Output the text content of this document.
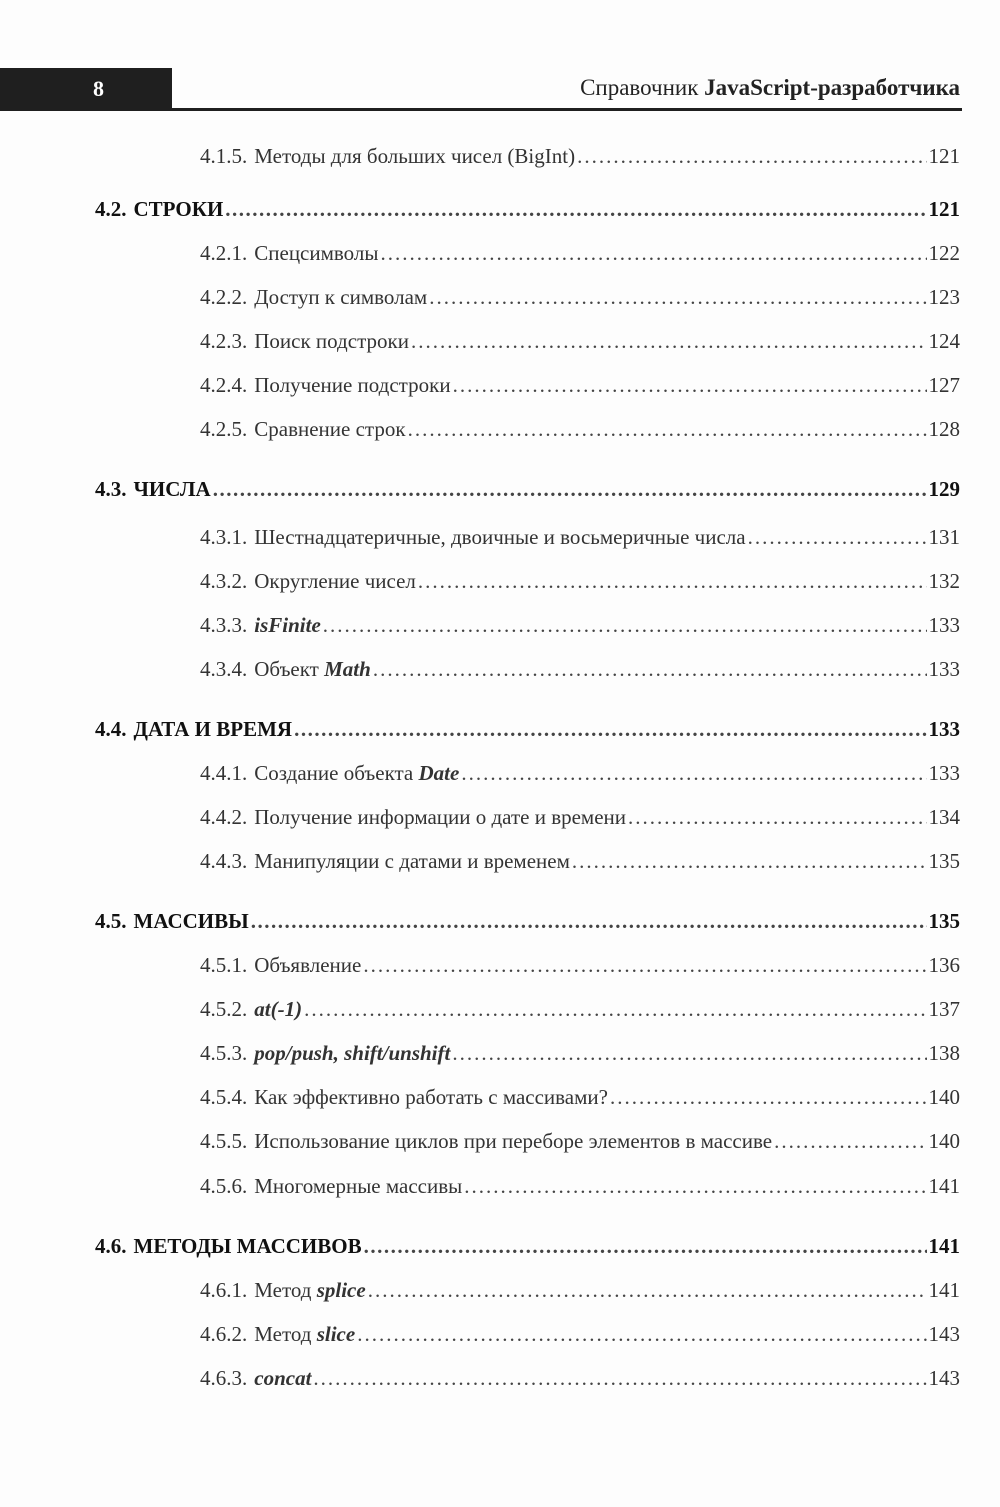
8	Справочник JavaScript-разработчика
4.1.5. Методы для больших чисел (BigInt) .....	121
4.2. СТРОКИ .....	121
4.2.1. Спецсимволы .....	122
4.2.2. Доступ к символам .....	123
4.2.3. Поиск подстроки .....	124
4.2.4. Получение подстроки .....	127
4.2.5. Сравнение строк .....	128
4.3. ЧИСЛА .....	129
4.3.1. Шестнадцатеричные, двоичные и восьмеричные числа .....	131
4.3.2. Округление чисел .....	132
4.3.3. isFinite .....	133
4.3.4. Объект Math .....	133
4.4. ДАТА И ВРЕМЯ .....	133
4.4.1. Создание объекта Date .....	133
4.4.2. Получение информации о дате и времени .....	134
4.4.3. Манипуляции с датами и временем .....	135
4.5. МАССИВЫ .....	135
4.5.1. Объявление .....	136
4.5.2. at(-1) .....	137
4.5.3. pop/push, shift/unshift .....	138
4.5.4. Как эффективно работать с массивами? .....	140
4.5.5. Использование циклов при переборе элементов в массиве .....	140
4.5.6. Многомерные массивы .....	141
4.6. МЕТОДЫ МАССИВОВ .....	141
4.6.1. Метод splice .....	141
4.6.2. Метод slice .....	143
4.6.3. concat .....	143
